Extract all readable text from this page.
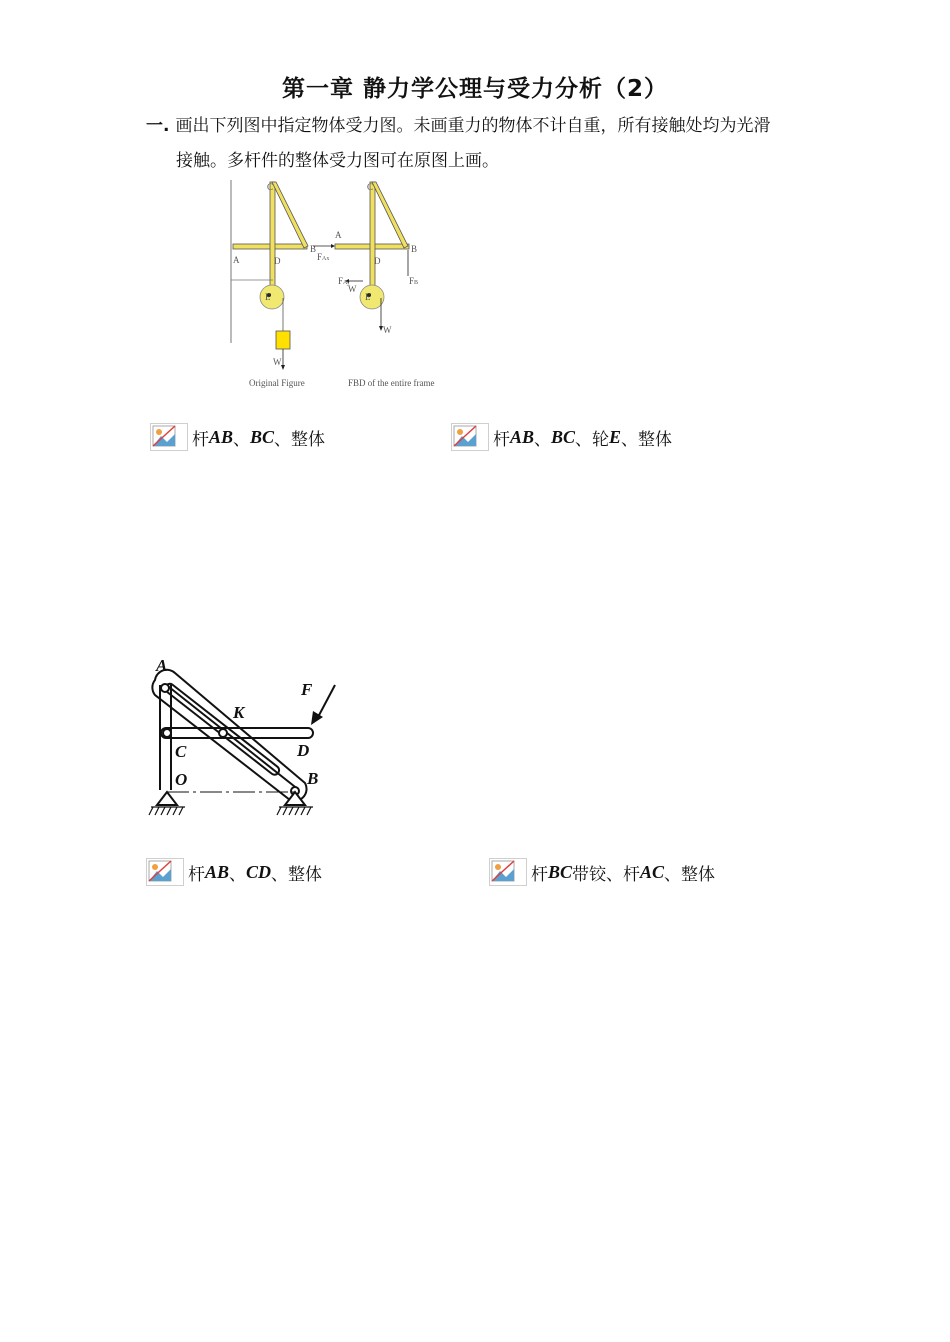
第一章 静力学公理与受力分析（2）
一. 画出下列图中指定物体受力图。未画重力的物体不计自重，所有接触处均为光滑
接触。多杆件的整体受力图可在原图上画。
C
A
B
D
E
W
FAx
Original Figure
C
A
B
D
E
FAy
W
W
FB
FBD of the entire frame
杆 AB 、 BC 、整体	杆 AB 、 BC 、轮 E 、整体
A
K
F
C	D
O	B
杆 AB 、 CD 、整体	杆 BC 带铰、杆 AC 、整体
